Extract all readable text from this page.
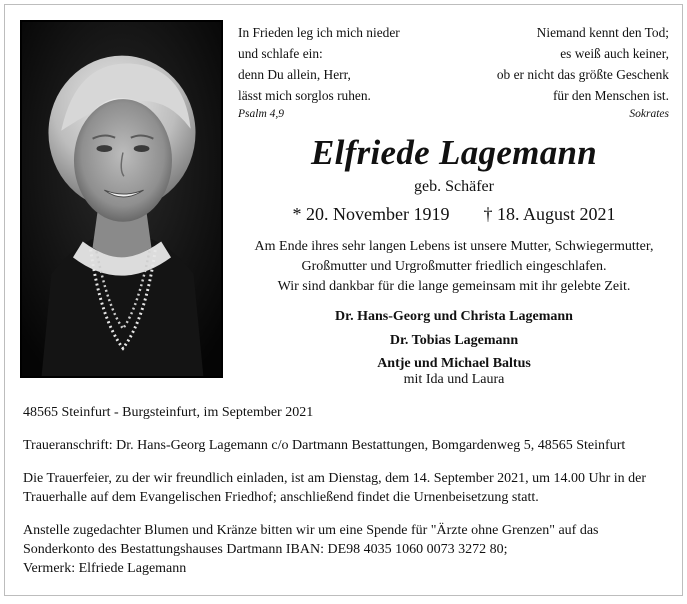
In Frieden leg ich mich nieder
und schlafe ein:
denn Du allein, Herr,
lässt mich sorglos ruhen.
Psalm 4,9
Niemand kennt den Tod;
es weiß auch keiner,
ob er nicht das größte Geschenk
für den Menschen ist.
Sokrates
Elfriede Lagemann
geb. Schäfer
* 20. November 1919 † 18. August 2021
Am Ende ihres sehr langen Lebens ist unsere Mutter, Schwiegermutter,
Großmutter und Urgroßmutter friedlich eingeschlafen.
Wir sind dankbar für die lange gemeinsam mit ihr gelebte Zeit.
Dr. Hans-Georg und Christa Lagemann
Dr. Tobias Lagemann
Antje und Michael Baltus
mit Ida und Laura

48565 Steinfurt - Burgsteinfurt, im September 2021

Traueranschrift: Dr. Hans-Georg Lagemann c/o Dartmann Bestattungen, Bomgardenweg 5, 48565 Steinfurt

Die Trauerfeier, zu der wir freundlich einladen, ist am Dienstag, dem 14. September 2021, um 14.00 Uhr in der Trauerhalle auf dem Evangelischen Friedhof; anschließend findet die Urnenbeisetzung statt.

Anstelle zugedachter Blumen und Kränze bitten wir um eine Spende für "Ärzte ohne Grenzen" auf das Sonderkonto des Bestattungshauses Dartmann IBAN: DE98 4035 1060 0073 3272 80;

Vermerk: Elfriede Lagemann
